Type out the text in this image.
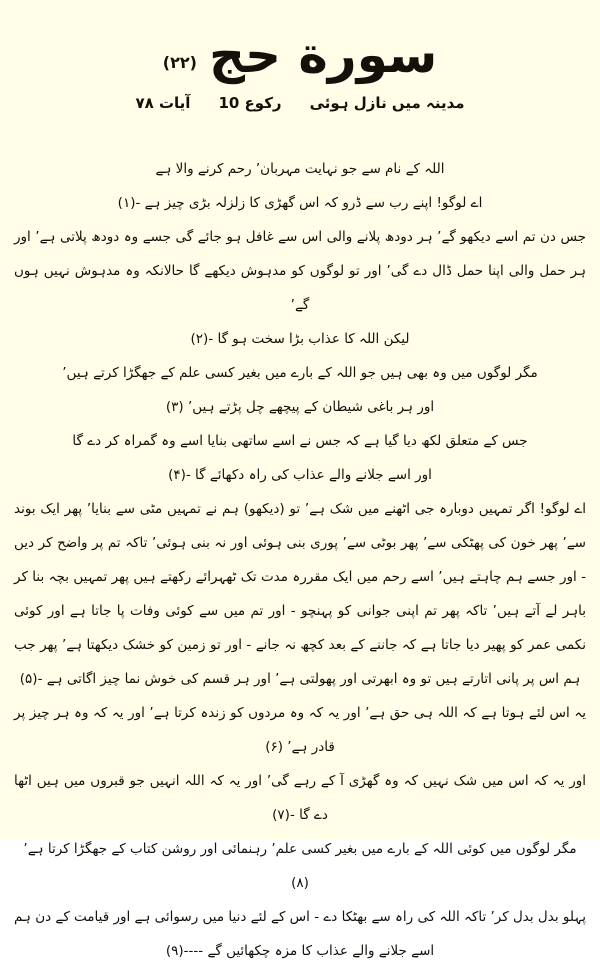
سورة حج
(۲۲)
مدینہ میں نازل ہوئی
رکوع 10
آیات ۷۸

اللہ کے نام سے جو نہایت مہربان’ رحم کرنے والا ہے

اے لوگو! اپنے رب سے ڈرو کہ اس گھڑی کا زلزلہ بڑی چیز ہے -(۱)

جس دن تم اسے دیکھو گے’ ہر دودھ پلانے والی اس سے غافل ہو جائے گی جسے وہ دودھ پلاتی ہے’ اور ہر حمل والی اپنا حمل ڈال دے گی’ اور تو لوگوں کو مدہوش دیکھے گا حالانکہ وہ مدہوش نہیں ہوں گے’

لیکن اللہ کا عذاب بڑا سخت ہو گا -(۲)

مگر لوگوں میں وہ بھی ہیں جو اللہ کے بارے میں بغیر کسی علم کے جھگڑا کرتے ہیں’

اور ہر باغی شیطان کے پیچھے چل پڑتے ہیں’ (۳)

جس کے متعلق لکھ دیا گیا ہے کہ جس نے اسے ساتھی بنایا اسے وہ گمراہ کر دے گا

اور اسے جلانے والے عذاب کی راہ دکھائے گا -(۴)

اے لوگو! اگر تمہیں دوبارہ جی اٹھنے میں شک ہے’ تو (دیکھو) ہم نے تمہیں مٹی سے بنایا’ پھر ایک بوند سے’ پھر خون کی پھٹکی سے’ پھر بوٹی سے’ پوری بنی ہوئی اور نہ بنی ہوئی’ تاکہ تم پر واضح کر دیں - اور جسے ہم چاہتے ہیں’ اسے رحم میں ایک مقررہ مدت تک ٹھہرائے رکھتے ہیں پھر تمہیں بچہ بنا کر باہر لے آتے ہیں’ تاکہ پھر تم اپنی جوانی کو پہنچو - اور تم میں سے کوئی وفات پا جاتا ہے اور کوئی نکمی عمر کو پھیر دیا جاتا ہے کہ جاننے کے بعد کچھ نہ جانے - اور تو زمین کو خشک دیکھتا ہے’ پھر جب ہم اس پر پانی اتارتے ہیں تو وہ ابھرتی اور پھولتی ہے’ اور ہر قسم کی خوش نما چیز اگاتی ہے -(۵)

یہ اس لئے ہوتا ہے کہ اللہ ہی حق ہے’ اور یہ کہ وہ مردوں کو زندہ کرتا ہے’ اور یہ کہ وہ ہر چیز پر قادر ہے’ (۶)

اور یہ کہ اس میں شک نہیں کہ وہ گھڑی آ کے رہے گی’ اور یہ کہ اللہ انہیں جو قبروں میں ہیں اٹھا دے گا -(۷)

مگر لوگوں میں کوئی اللہ کے بارے میں بغیر کسی علم’ رہنمائی اور روشن کتاب کے جھگڑا کرتا ہے’ (۸)

پہلو بدل بدل کر’ تاکہ اللہ کی راہ سے بھٹکا دے - اس کے لئے دنیا میں رسوائی ہے اور قیامت کے دن ہم اسے جلانے والے عذاب کا مزہ چکھائیں گے ----(۹)
